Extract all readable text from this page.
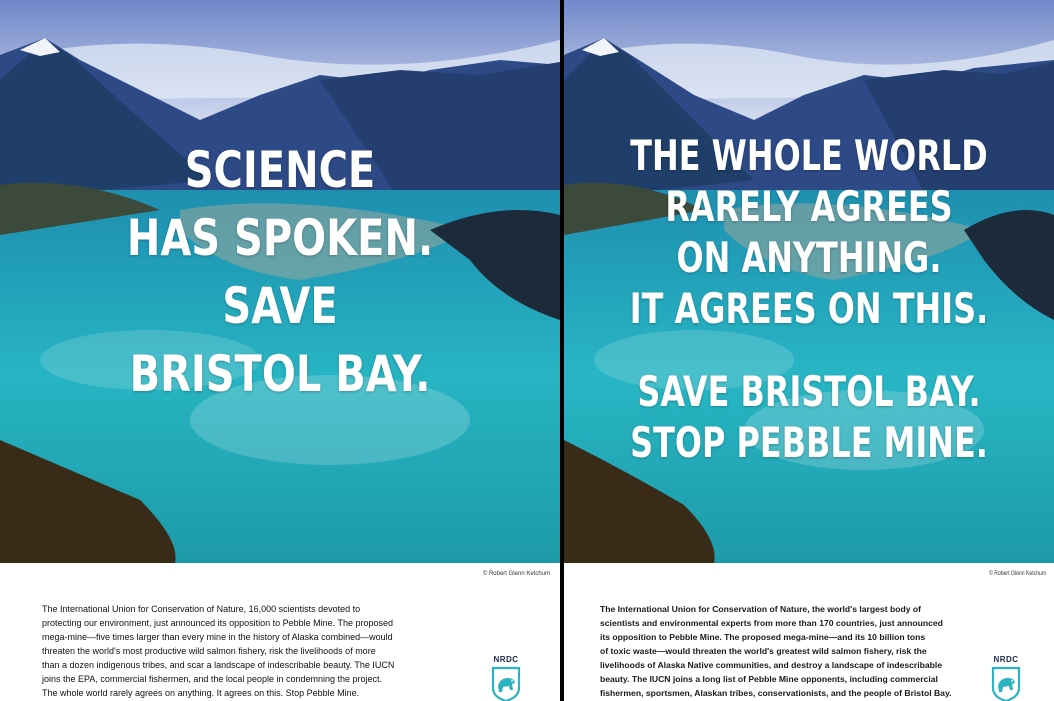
SCIENCE
HAS SPOKEN.
SAVE
BRISTOL BAY.
© Robert Glenn Ketchum
The International Union for Conservation of Nature, 16,000 scientists devoted to
protecting our environment, just announced its opposition to Pebble Mine. The proposed
mega-mine—five times larger than every mine in the history of Alaska combined—would
threaten the world's most productive wild salmon fishery, risk the livelihoods of more
than a dozen indigenous tribes, and scar a landscape of indescribable beauty. The IUCN
joins the EPA, commercial fishermen, and the local people in condemning the project.
The whole world rarely agrees on anything. It agrees on this. Stop Pebble Mine.
NRDC
THE WHOLE WORLD
RARELY AGREES
ON ANYTHING.
IT AGREES ON THIS.
SAVE BRISTOL BAY.
STOP PEBBLE MINE.
© Robert Glenn Ketchum
The International Union for Conservation of Nature, the world's largest body of
scientists and environmental experts from more than 170 countries, just announced
its opposition to Pebble Mine. The proposed mega-mine—and its 10 billion tons
of toxic waste—would threaten the world's greatest wild salmon fishery, risk the
livelihoods of Alaska Native communities, and destroy a landscape of indescribable
beauty. The IUCN joins a long list of Pebble Mine opponents, including commercial
fishermen, sportsmen, Alaskan tribes, conservationists, and the people of Bristol Bay.
NRDC
